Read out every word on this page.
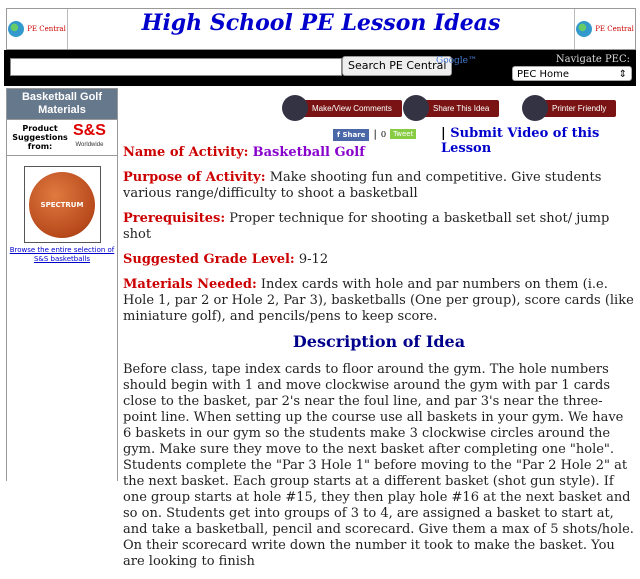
PE Central	High School PE Lesson Ideas	PE Central
Search PE Central
Google™	Navigate PEC:
PEC Home	⇕
Basketball Golf Materials
Product Suggestions from:
S&S
Worldwide
SPECTRUM
Browse the entire selection of S&S basketballs
Make/View Comments	Share This Idea	Printer Friendly
f Share | 0	Tweet | Submit Video of this Lesson

Name of Activity: Basketball Golf

Purpose of Activity: Make shooting fun and competitive. Give students various range/difficulty to shoot a basketball

Prerequisites: Proper technique for shooting a basketball set shot/ jump shot

Suggested Grade Level: 9-12

Materials Needed: Index cards with hole and par numbers on them (i.e. Hole 1, par 2 or Hole 2, Par 3), basketballs (One per group), score cards (like miniature golf), and pencils/pens to keep score.

Description of Idea

Before class, tape index cards to floor around the gym. The hole numbers should begin with 1 and move clockwise around the gym with par 1 cards close to the basket, par 2's near the foul line, and par 3's near the three-point line. When setting up the course use all baskets in your gym. We have 6 baskets in our gym so the students make 3 clockwise circles around the gym. Make sure they move to the next basket after completing one "hole". Students complete the "Par 3 Hole 1" before moving to the "Par 2 Hole 2" at the next basket. Each group starts at a different basket (shot gun style). If one group starts at hole #15, they then play hole #16 at the next basket and so on. Students get into groups of 3 to 4, are assigned a basket to start at, and take a basketball, pencil and scorecard. Give them a max of 5 shots/hole. On their scorecard write down the number it took to make the basket. You are looking to finish
